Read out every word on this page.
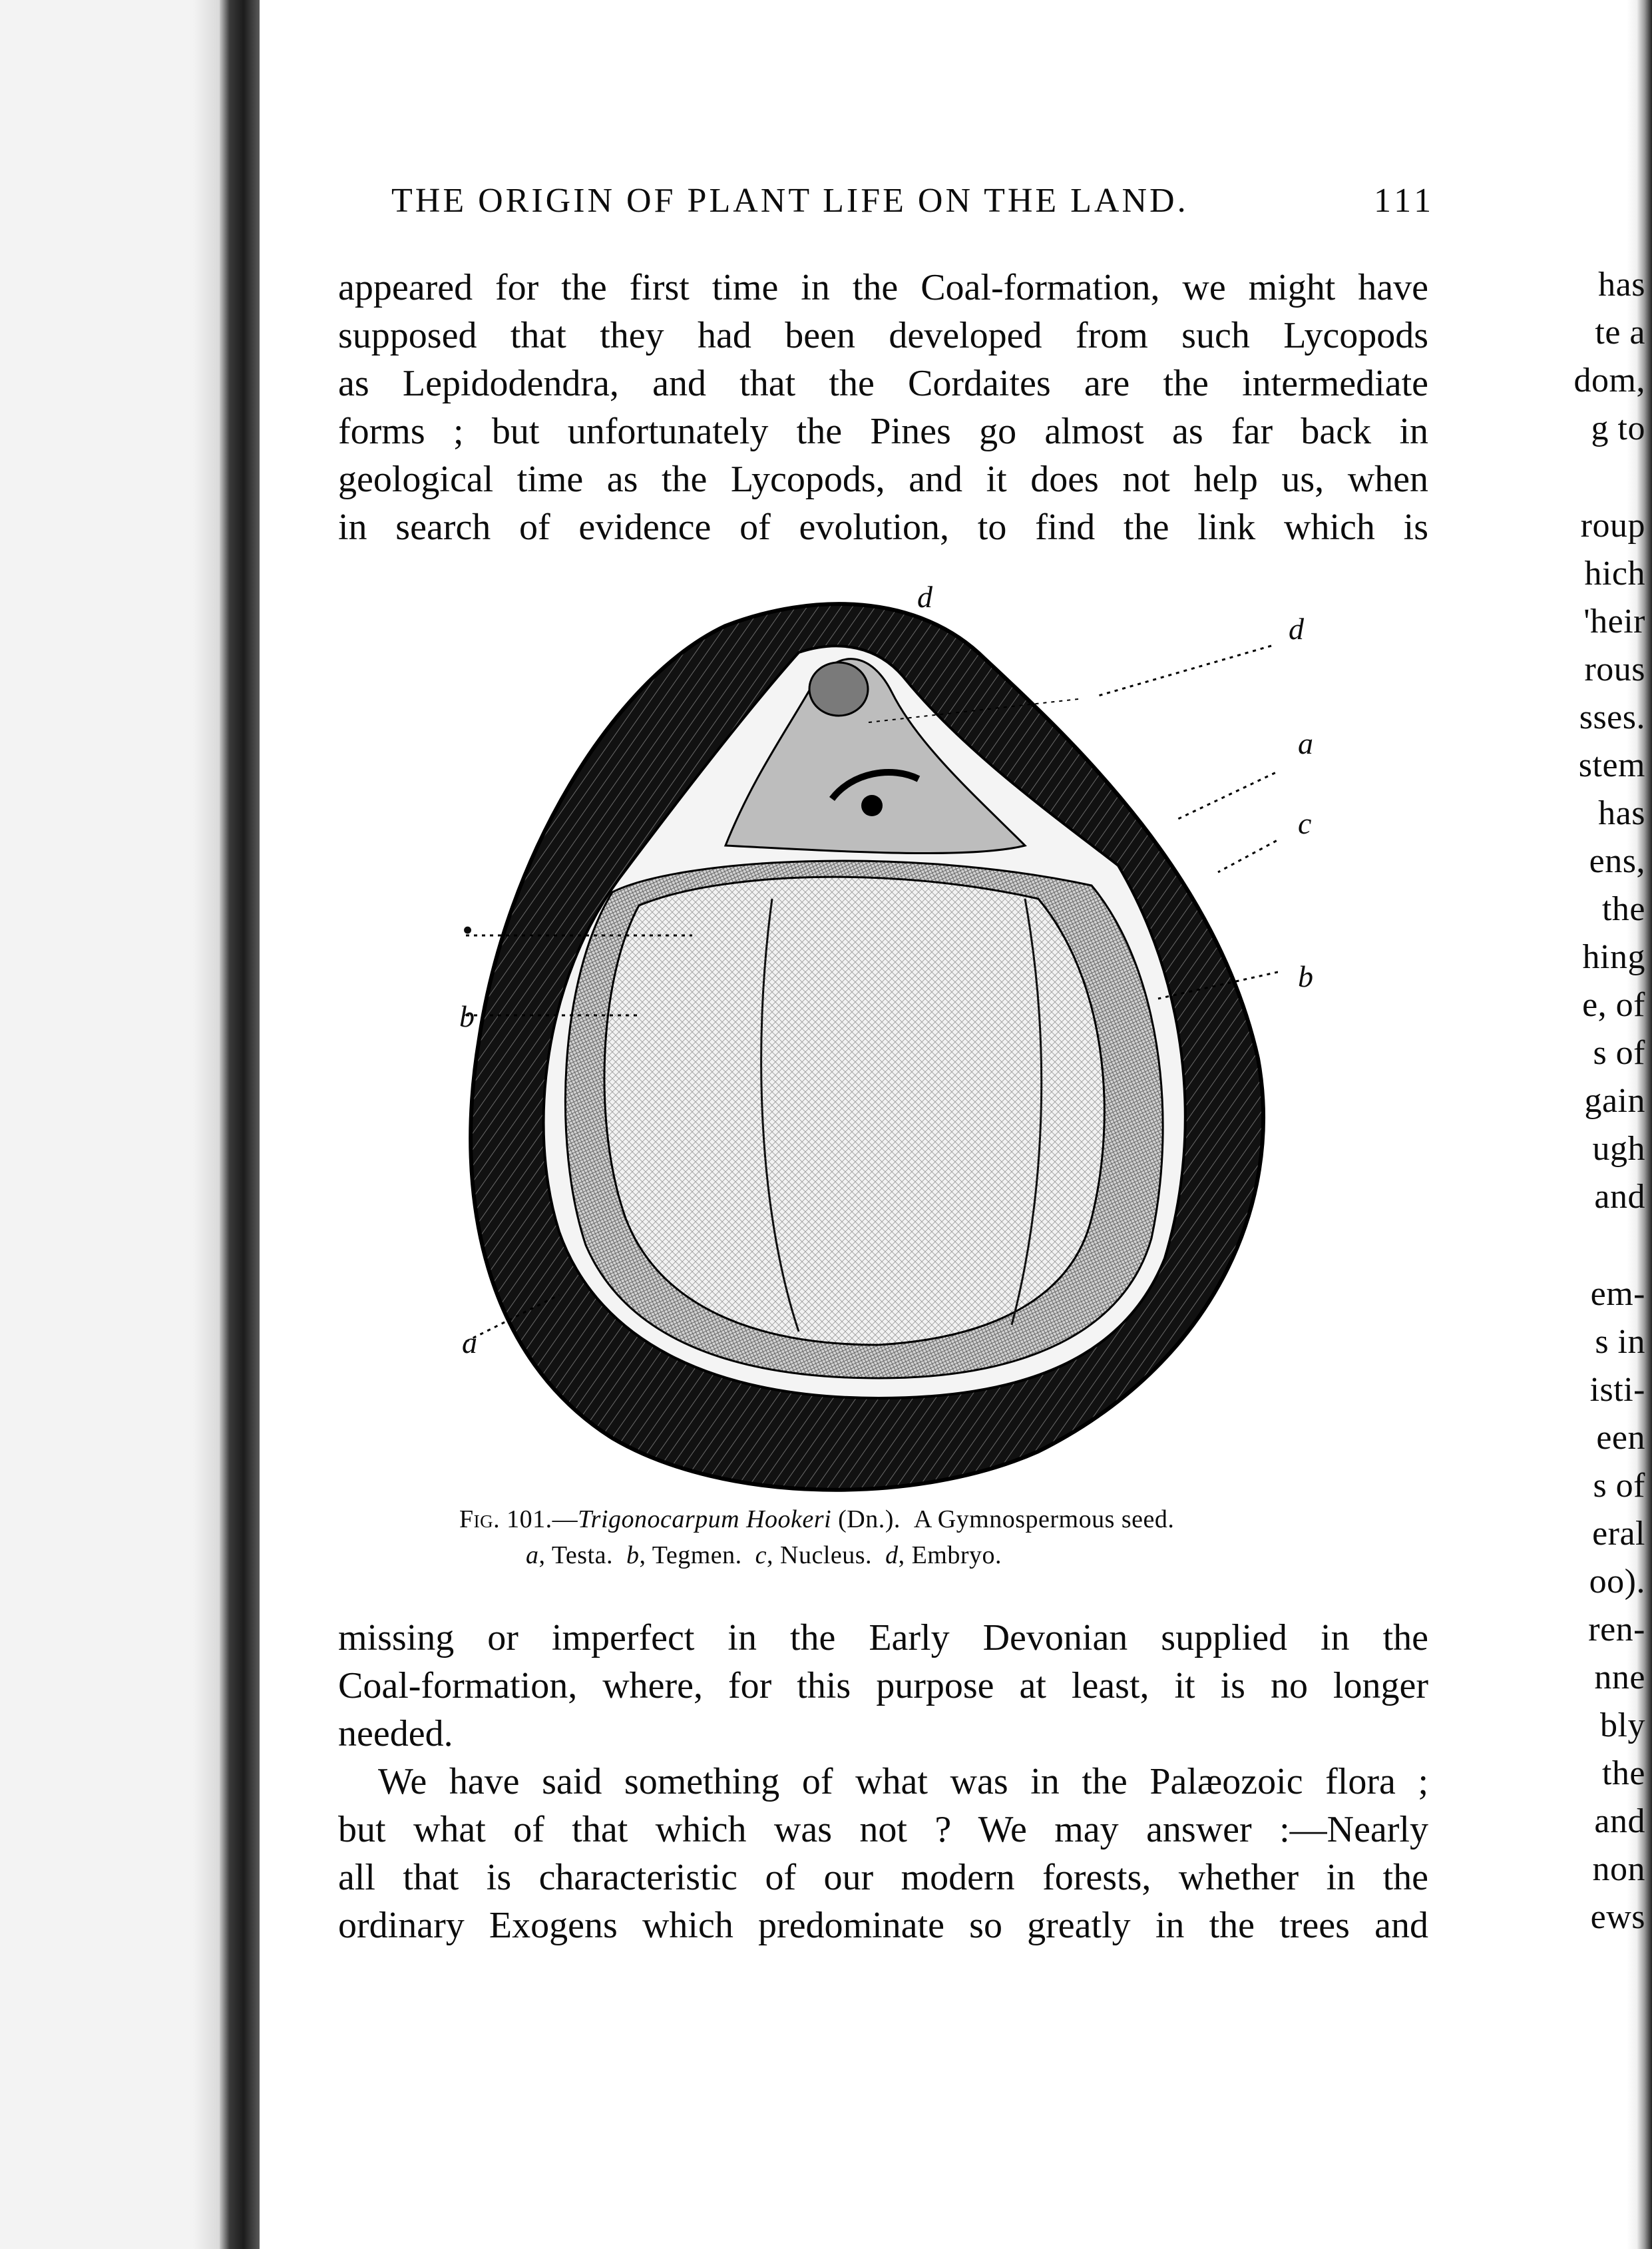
has
te a
dom,
g to
roup
hich
'heir
rous
sses.
stem
has
ens,
the
hing
e, of
s of
gain
ugh
and
em-
s in
isti-
een
s of
eral
oo).
ren-
nne
bly
the
and
non
ews
THE ORIGIN OF PLANT LIFE ON THE LAND.	111
appeared for the first time in the Coal-formation, we might have
supposed that they had been developed from such Lycopods
as Lepidodendra, and that the Cordaites are the intermediate
forms ; but unfortunately the Pines go almost as far back in
geological time as the Lycopods, and it does not help us, when
in search of evidence of evolution, to find the link which is
d
d
a
c
b
•
b
a
Fig. 101.—Trigonocarpum Hookeri (Dn.). A Gymnospermous seed.
a, Testa. b, Tegmen. c, Nucleus. d, Embryo.
missing or imperfect in the Early Devonian supplied in the
Coal-formation, where, for this purpose at least, it is no longer
needed.
We have said something of what was in the Palæozoic flora ;
but what of that which was not ? We may answer :—Nearly
all that is characteristic of our modern forests, whether in the
ordinary Exogens which predominate so greatly in the trees and
